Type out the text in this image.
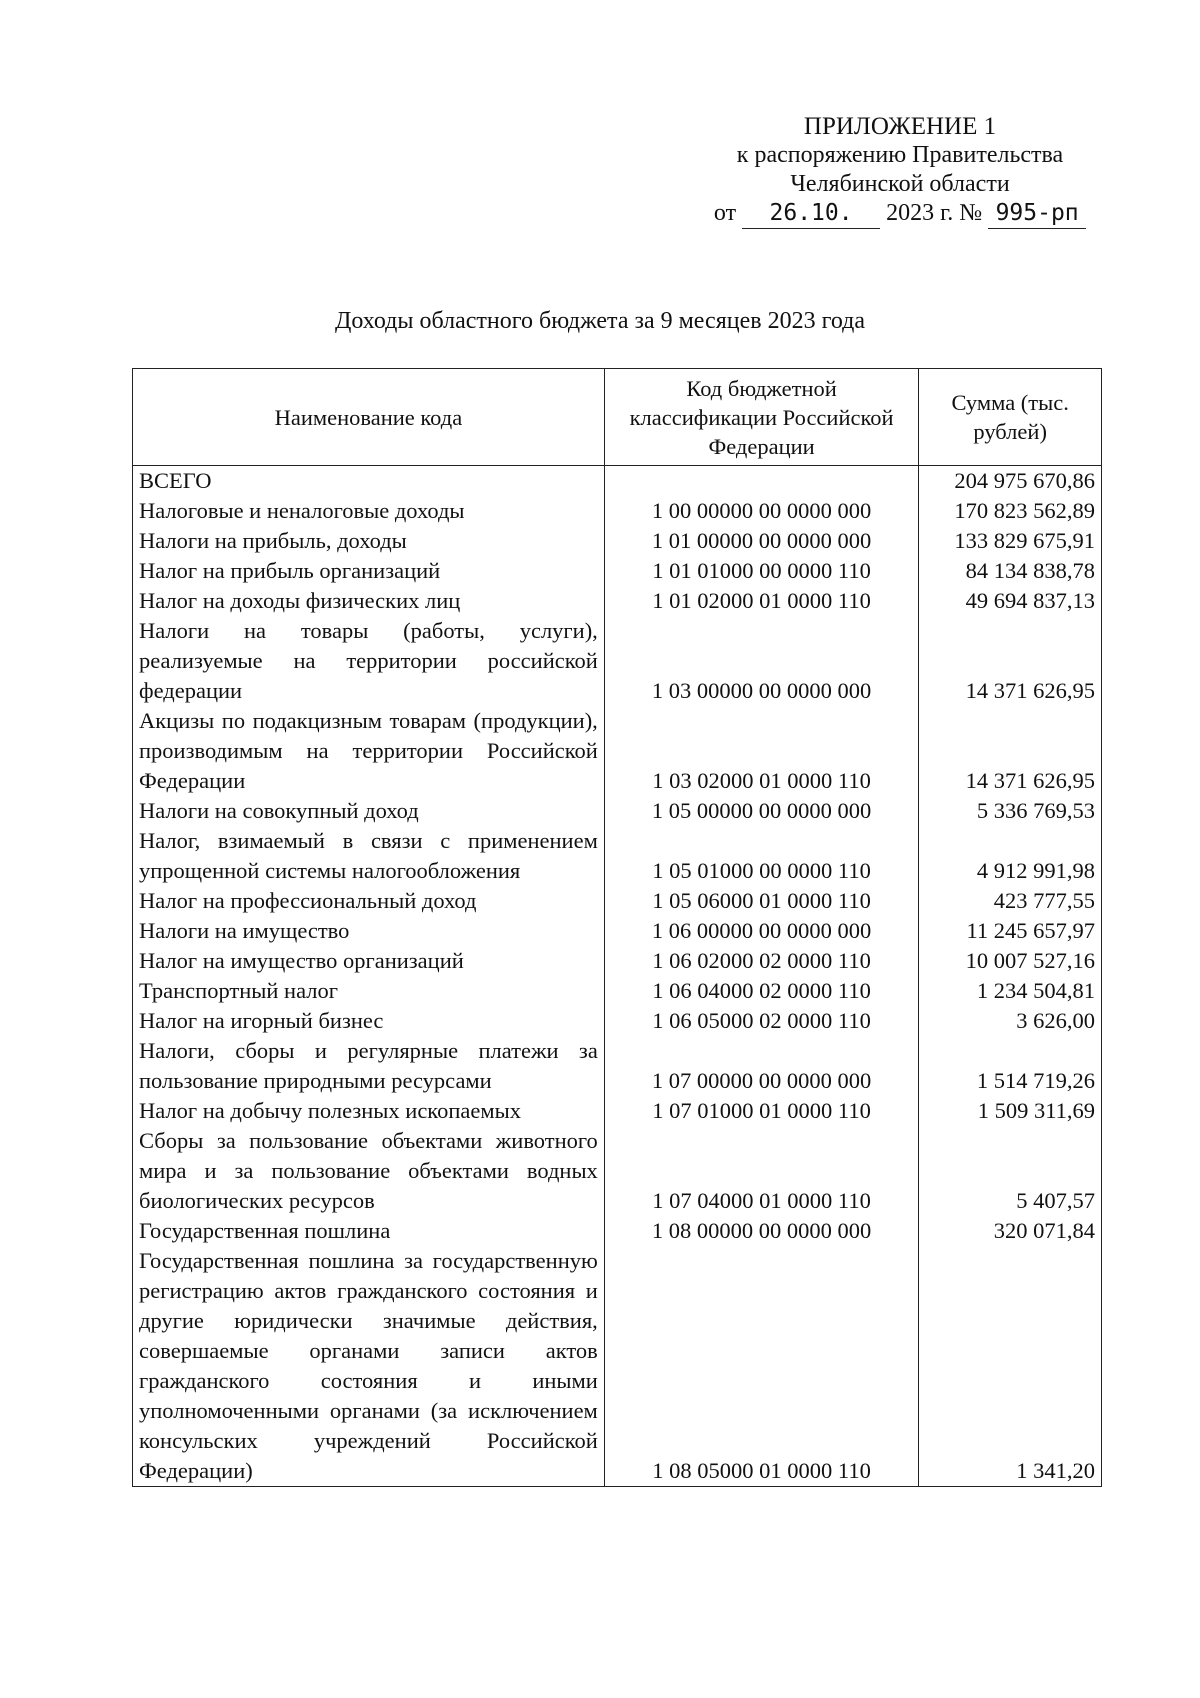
ПРИЛОЖЕНИЕ 1
к распоряжению Правительства
Челябинской области
от 26.10. 2023 г. № 995-рп
Доходы областного бюджета за 9 месяцев 2023 года
Наименование кода	Код бюджетной классификации Российской Федерации	Сумма (тыс. рублей)
ВСЕГО		204 975 670,86
Налоговые и неналоговые доходы	1 00 00000 00 0000 000	170 823 562,89
Налоги на прибыль, доходы	1 01 00000 00 0000 000	133 829 675,91
Налог на прибыль организаций	1 01 01000 00 0000 110	84 134 838,78
Налог на доходы физических лиц	1 01 02000 01 0000 110	49 694 837,13
Налоги на товары (работы, услуги), реализуемые на территории российской федерации	1 03 00000 00 0000 000	14 371 626,95
Акцизы по подакцизным товарам (продукции), производимым на территории Российской Федерации	1 03 02000 01 0000 110	14 371 626,95
Налоги на совокупный доход	1 05 00000 00 0000 000	5 336 769,53
Налог, взимаемый в связи с применением упрощенной системы налогообложения	1 05 01000 00 0000 110	4 912 991,98
Налог на профессиональный доход	1 05 06000 01 0000 110	423 777,55
Налоги на имущество	1 06 00000 00 0000 000	11 245 657,97
Налог на имущество организаций	1 06 02000 02 0000 110	10 007 527,16
Транспортный налог	1 06 04000 02 0000 110	1 234 504,81
Налог на игорный бизнес	1 06 05000 02 0000 110	3 626,00
Налоги, сборы и регулярные платежи за пользование природными ресурсами	1 07 00000 00 0000 000	1 514 719,26
Налог на добычу полезных ископаемых	1 07 01000 01 0000 110	1 509 311,69
Сборы за пользование объектами животного мира и за пользование объектами водных биологических ресурсов	1 07 04000 01 0000 110	5 407,57
Государственная пошлина	1 08 00000 00 0000 000	320 071,84
Государственная пошлина за государственную регистрацию актов гражданского состояния и другие юридически значимые действия, совершаемые органами записи актов гражданского состояния и иными уполномоченными органами (за исключением консульских учреждений Российской Федерации)	1 08 05000 01 0000 110	1 341,20
